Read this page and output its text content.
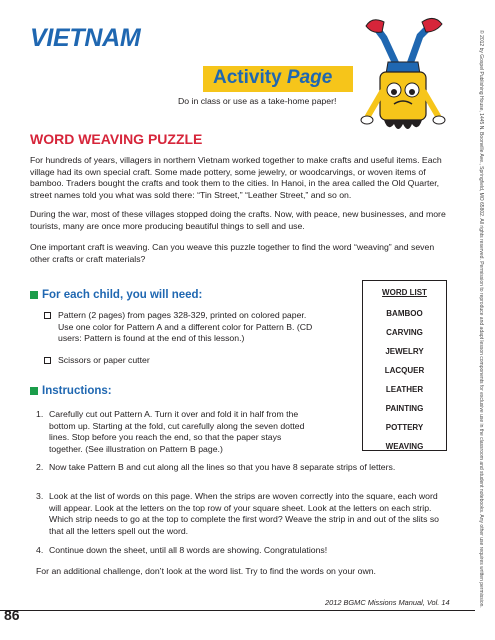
VIETNAM
Activity Page
Do in class or use as a take-home paper!	© 2012 by Gospel Publishing House, 1445 N. Boonville Ave., Springfield, MO 65802. All rights reserved. Permission to reproduce and adapt lesson components for exclusive use in the classroom and student notebooks. Any other use requires written permission.
WORD WEAVING PUZZLE

For hundreds of years, villagers in northern Vietnam worked together to make crafts and useful items. Each village had its own special craft. Some made pottery, some jewelry, or woodcarvings, or woven items of bamboo. Traders bought the crafts and took them to the cities. In Hanoi, in the area called the Old Quarter, street names told you what was sold there: “Tin Street,” “Leather Street,” and so on.

During the war, most of these villages stopped doing the crafts. Now, with peace, new businesses, and more tourists, many are once more producing beautiful things to sell and use.

One important craft is weaving. Can you weave this puzzle together to find the word “weaving” and seven other crafts or craft materials?

For each child, you will need:
Pattern (2 pages) from pages 328-329, printed on colored paper. Use one color for Pattern A and a different color for Pattern B. (CD users: Pattern is found at the end of this lesson.)
Scissors or paper cutter
Instructions:
1. Carefully cut out Pattern A. Turn it over and fold it in half from the bottom up. Starting at the fold, cut carefully along the seven dotted lines. Stop before you reach the end, so that the paper stays together. (See illustration on Pattern B page.)
2. Now take Pattern B and cut along all the lines so that you have 8 separate strips of letters.
3. Look at the list of words on this page. When the strips are woven correctly into the square, each word will appear. Look at the letters on the top row of your square sheet. Look at the letters on each strip. Which strip needs to go at the top to complete the first word? Weave the strip in and out of the slits so that all the letters spell out the word.
4. Continue down the sheet, until all 8 words are showing. Congratulations!
For an additional challenge, don’t look at the word list. Try to find the words on your own.
WORD LIST
BAMBOO
CARVING
JEWELRY
LACQUER
LEATHER
PAINTING
POTTERY
WEAVING
2012 BGMC Missions Manual, Vol. 14
86
